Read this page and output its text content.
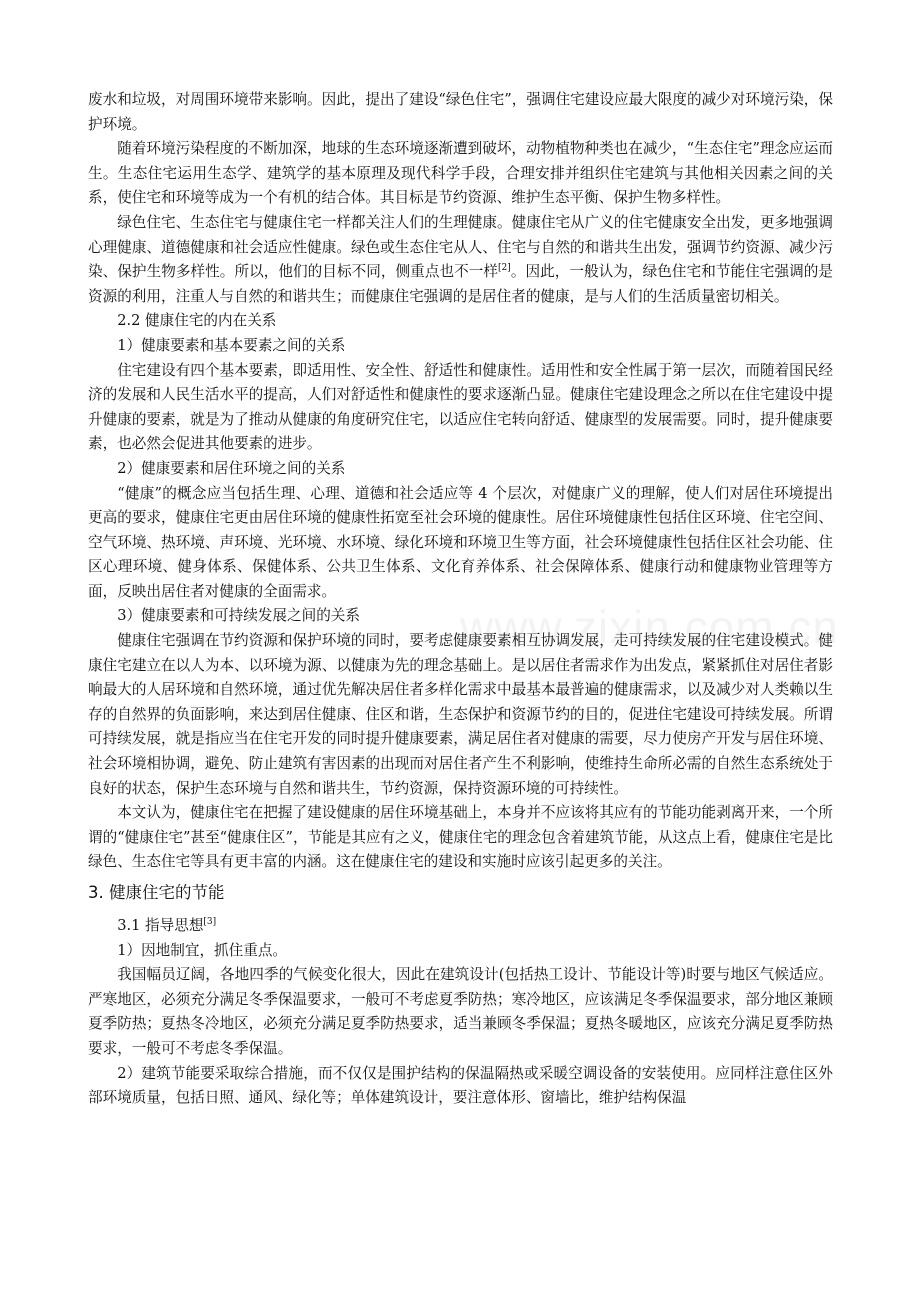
废水和垃圾，对周围环境带来影响。因此，提出了建设“绿色住宅”，强调住宅建设应最大限度的减少对环境污染，保护环境。

随着环境污染程度的不断加深，地球的生态环境逐渐遭到破坏，动物植物种类也在减少，“生态住宅”理念应运而生。生态住宅运用生态学、建筑学的基本原理及现代科学手段，合理安排并组织住宅建筑与其他相关因素之间的关系，使住宅和环境等成为一个有机的结合体。其目标是节约资源、维护生态平衡、保护生物多样性。

绿色住宅、生态住宅与健康住宅一样都关注人们的生理健康。健康住宅从广义的住宅健康安全出发，更多地强调心理健康、道德健康和社会适应性健康。绿色或生态住宅从人、住宅与自然的和谐共生出发，强调节约资源、减少污染、保护生物多样性。所以，他们的目标不同，侧重点也不一样[2]。因此，一般认为，绿色住宅和节能住宅强调的是资源的利用，注重人与自然的和谐共生；而健康住宅强调的是居住者的健康，是与人们的生活质量密切相关。

2.2 健康住宅的内在关系

1）健康要素和基本要素之间的关系

住宅建设有四个基本要素，即适用性、安全性、舒适性和健康性。适用性和安全性属于第一层次，而随着国民经济的发展和人民生活水平的提高，人们对舒适性和健康性的要求逐渐凸显。健康住宅建设理念之所以在住宅建设中提升健康的要素，就是为了推动从健康的角度研究住宅，以适应住宅转向舒适、健康型的发展需要。同时，提升健康要素，也必然会促进其他要素的进步。

2）健康要素和居住环境之间的关系

“健康”的概念应当包括生理、心理、道德和社会适应等 4 个层次，对健康广义的理解，使人们对居住环境提出更高的要求，健康住宅更由居住环境的健康性拓宽至社会环境的健康性。居住环境健康性包括住区环境、住宅空间、空气环境、热环境、声环境、光环境、水环境、绿化环境和环境卫生等方面，社会环境健康性包括住区社会功能、住区心理环境、健身体系、保健体系、公共卫生体系、文化育养体系、社会保障体系、健康行动和健康物业管理等方面，反映出居住者对健康的全面需求。

3）健康要素和可持续发展之间的关系

健康住宅强调在节约资源和保护环境的同时，要考虑健康要素相互协调发展，走可持续发展的住宅建设模式。健康住宅建立在以人为本、以环境为源、以健康为先的理念基础上。是以居住者需求作为出发点，紧紧抓住对居住者影响最大的人居环境和自然环境，通过优先解决居住者多样化需求中最基本最普遍的健康需求，以及减少对人类赖以生存的自然界的负面影响，来达到居住健康、住区和谐，生态保护和资源节约的目的，促进住宅建设可持续发展。所谓可持续发展，就是指应当在住宅开发的同时提升健康要素，满足居住者对健康的需要，尽力使房产开发与居住环境、社会环境相协调，避免、防止建筑有害因素的出现而对居住者产生不利影响，使维持生命所必需的自然生态系统处于良好的状态，保护生态环境与自然和谐共生，节约资源，保持资源环境的可持续性。

本文认为，健康住宅在把握了建设健康的居住环境基础上，本身并不应该将其应有的节能功能剥离开来，一个所谓的“健康住宅”甚至“健康住区”，节能是其应有之义，健康住宅的理念包含着建筑节能，从这点上看，健康住宅是比绿色、生态住宅等具有更丰富的内涵。这在健康住宅的建设和实施时应该引起更多的关注。

3. 健康住宅的节能

3.1 指导思想[3]

1）因地制宜，抓住重点。

我国幅员辽阔，各地四季的气候变化很大，因此在建筑设计(包括热工设计、节能设计等)时要与地区气候适应。严寒地区，必须充分满足冬季保温要求，一般可不考虑夏季防热；寒冷地区，应该满足冬季保温要求，部分地区兼顾夏季防热；夏热冬冷地区，必须充分满足夏季防热要求，适当兼顾冬季保温；夏热冬暖地区，应该充分满足夏季防热要求，一般可不考虑冬季保温。

2）建筑节能要采取综合措施，而不仅仅是围护结构的保温隔热或采暖空调设备的安装使用。应同样注意住区外部环境质量，包括日照、通风、绿化等；单体建筑设计，要注意体形、窗墙比，维护结构保温
